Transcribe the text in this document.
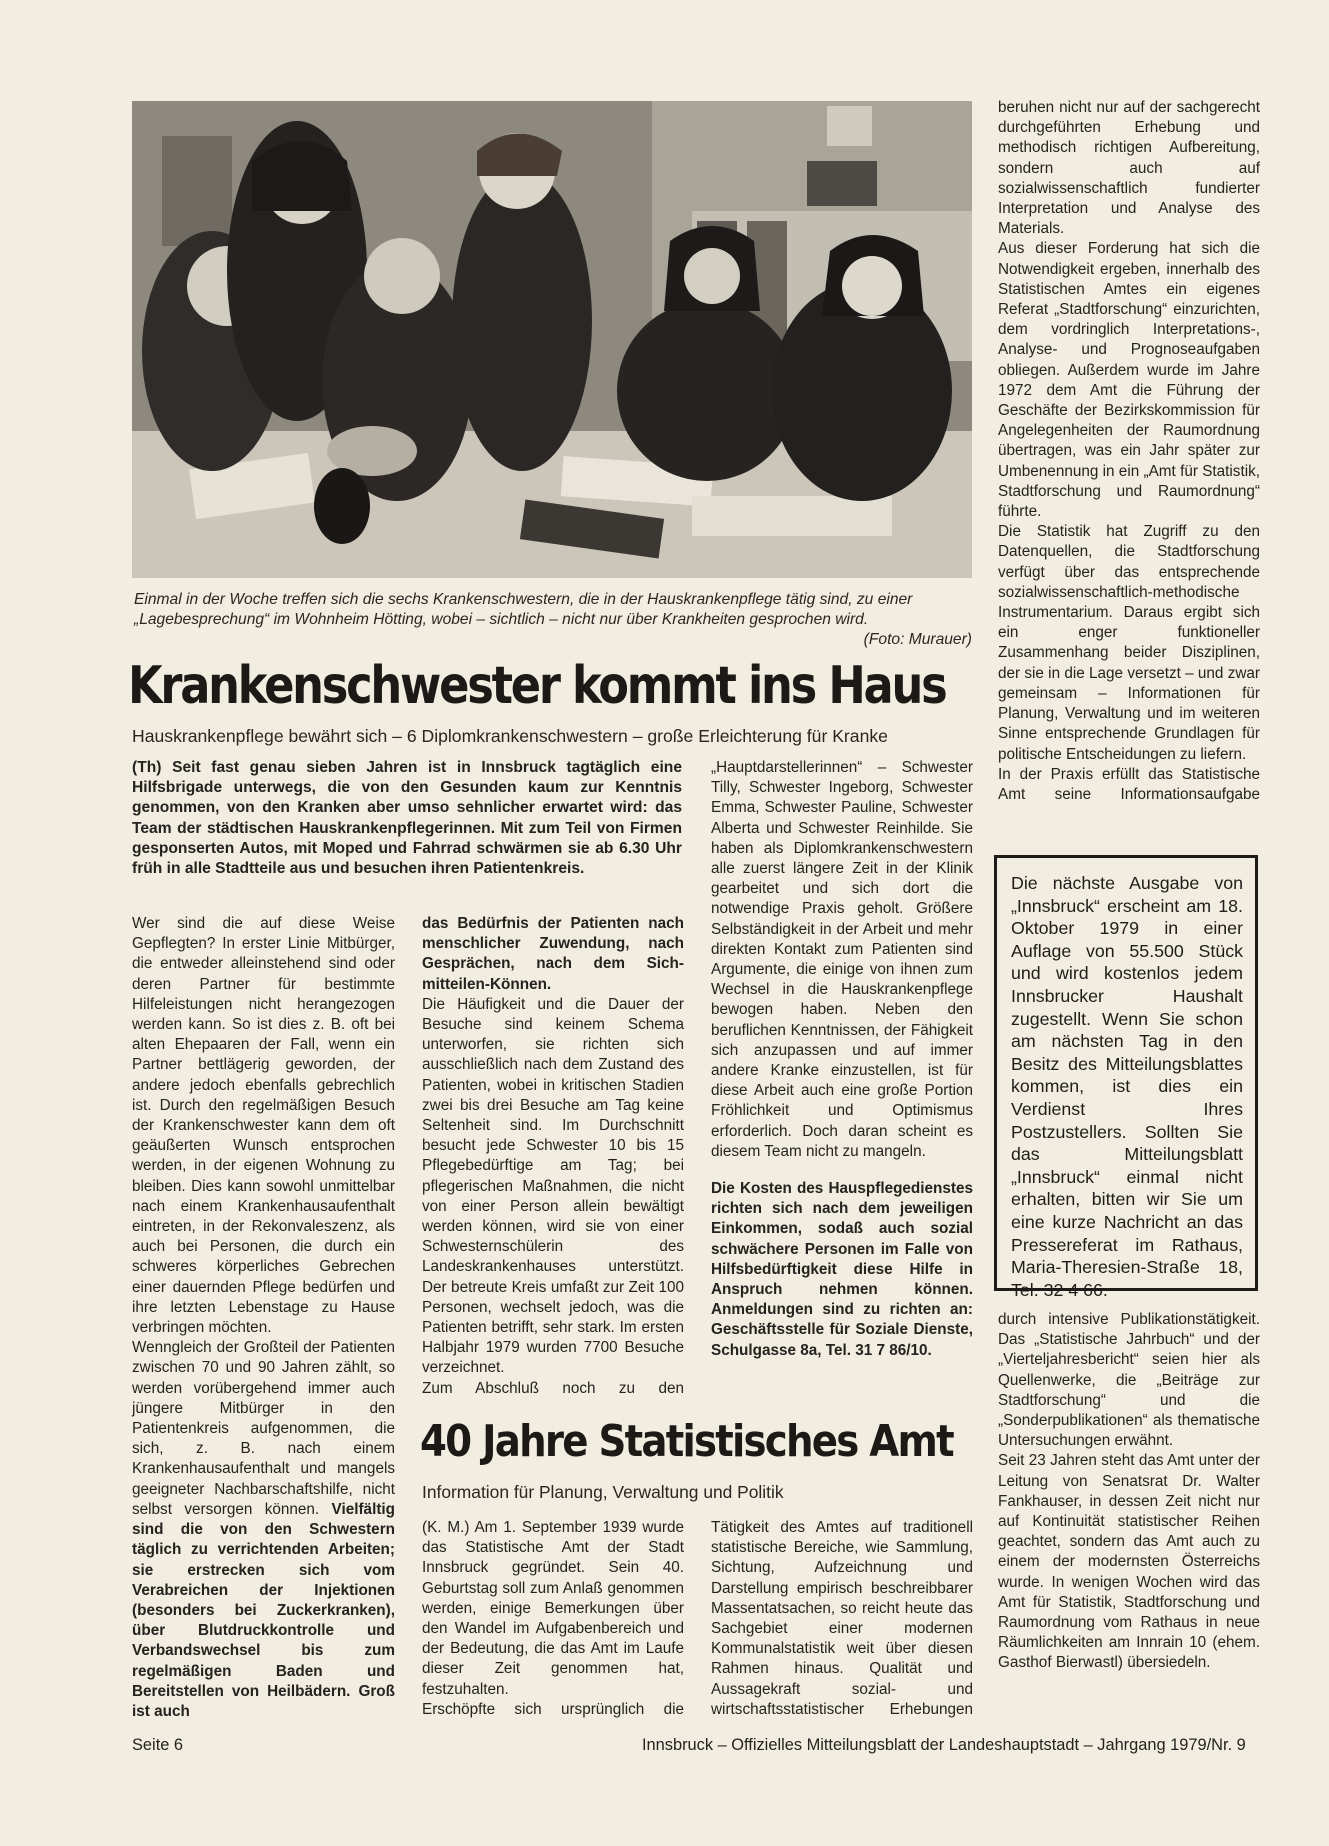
Einmal in der Woche treffen sich die sechs Krankenschwestern, die in der Hauskrankenpflege tätig sind, zu einer „Lagebesprechung“ im Wohnheim Hötting, wobei – sichtlich – nicht nur über Krankheiten gesprochen wird.
(Foto: Murauer)
Krankenschwester kommt ins Haus
Hauskrankenpflege bewährt sich – 6 Diplomkrankenschwestern – große Erleichterung für Kranke
(Th) Seit fast genau sieben Jahren ist in Innsbruck tagtäglich eine Hilfsbrigade unterwegs, die von den Gesunden kaum zur Kenntnis genommen, von den Kranken aber umso sehnlicher erwartet wird: das Team der städtischen Hauskrankenpflegerinnen. Mit zum Teil von Firmen gesponserten Autos, mit Moped und Fahrrad schwärmen sie ab 6.30 Uhr früh in alle Stadtteile aus und besuchen ihren Patientenkreis.

Wer sind die auf diese Weise Gepflegten? In erster Linie Mitbürger, die entweder alleinstehend sind oder deren Partner für bestimmte Hilfeleistungen nicht herangezogen werden kann. So ist dies z. B. oft bei alten Ehepaaren der Fall, wenn ein Partner bettlägerig geworden, der andere jedoch ebenfalls gebrechlich ist. Durch den regelmäßigen Besuch der Krankenschwester kann dem oft geäußerten Wunsch entsprochen werden, in der eigenen Wohnung zu bleiben. Dies kann sowohl unmittelbar nach einem Krankenhausaufenthalt eintreten, in der Rekonvaleszenz, als auch bei Personen, die durch ein schweres körperliches Gebrechen einer dauernden Pflege bedürfen und ihre letzten Lebenstage zu Hause verbringen möchten.

Wenngleich der Großteil der Patienten zwischen 70 und 90 Jahren zählt, so werden vorübergehend immer auch jüngere Mitbürger in den Patientenkreis aufgenommen, die sich, z. B. nach einem Krankenhausaufenthalt und mangels geeigneter Nachbarschaftshilfe, nicht selbst versorgen können. Vielfältig sind die von den Schwestern täglich zu verrichtenden Arbeiten; sie erstrecken sich vom Verabreichen der Injektionen (besonders bei Zuckerkranken), über Blutdruckkontrolle und Verbandswechsel bis zum regelmäßigen Baden und Bereitstellen von Heilbädern. Groß ist auch

das Bedürfnis der Patienten nach menschlicher Zuwendung, nach Gesprächen, nach dem Sich-mitteilen-Können.

Die Häufigkeit und die Dauer der Besuche sind keinem Schema unterworfen, sie richten sich ausschließlich nach dem Zustand des Patienten, wobei in kritischen Stadien zwei bis drei Besuche am Tag keine Seltenheit sind. Im Durchschnitt besucht jede Schwester 10 bis 15 Pflegebedürftige am Tag; bei pflegerischen Maßnahmen, die nicht von einer Person allein bewältigt werden können, wird sie von einer Schwesternschülerin des Landeskrankenhauses unterstützt. Der betreute Kreis umfaßt zur Zeit 100 Personen, wechselt jedoch, was die Patienten betrifft, sehr stark. Im ersten Halbjahr 1979 wurden 7700 Besuche verzeichnet.

Zum Abschluß noch zu den

„Hauptdarstellerinnen“ – Schwester Tilly, Schwester Ingeborg, Schwester Emma, Schwester Pauline, Schwester Alberta und Schwester Reinhilde. Sie haben als Diplomkrankenschwestern alle zuerst längere Zeit in der Klinik gearbeitet und sich dort die notwendige Praxis geholt. Größere Selbständigkeit in der Arbeit und mehr direkten Kontakt zum Patienten sind Argumente, die einige von ihnen zum Wechsel in die Hauskrankenpflege bewogen haben. Neben den beruflichen Kenntnissen, der Fähigkeit sich anzupassen und auf immer andere Kranke einzustellen, ist für diese Arbeit auch eine große Portion Fröhlichkeit und Optimismus erforderlich. Doch daran scheint es diesem Team nicht zu mangeln.

Die Kosten des Hauspflegedienstes richten sich nach dem jeweiligen Einkommen, sodaß auch sozial schwächere Personen im Falle von Hilfsbedürftigkeit diese Hilfe in Anspruch nehmen können. Anmeldungen sind zu richten an: Geschäftsstelle für Soziale Dienste, Schulgasse 8a, Tel. 31 7 86/10.

40 Jahre Statistisches Amt
Information für Planung, Verwaltung und Politik

(K. M.) Am 1. September 1939 wurde das Statistische Amt der Stadt Innsbruck gegründet. Sein 40. Geburtstag soll zum Anlaß genommen werden, einige Bemerkungen über den Wandel im Aufgabenbereich und der Bedeutung, die das Amt im Laufe dieser Zeit genommen hat, festzuhalten.

Erschöpfte sich ursprünglich die

Tätigkeit des Amtes auf traditionell statistische Bereiche, wie Sammlung, Sichtung, Aufzeichnung und Darstellung empirisch beschreibbarer Massentatsachen, so reicht heute das Sachgebiet einer modernen Kommunalstatistik weit über diesen Rahmen hinaus. Qualität und Aussagekraft sozial- und wirtschaftsstatistischer Erhebungen

beruhen nicht nur auf der sachgerecht durchgeführten Erhebung und methodisch richtigen Aufbereitung, sondern auch auf sozialwissenschaftlich fundierter Interpretation und Analyse des Materials.

Aus dieser Forderung hat sich die Notwendigkeit ergeben, innerhalb des Statistischen Amtes ein eigenes Referat „Stadtforschung“ einzurichten, dem vordringlich Interpretations-, Analyse- und Prognoseaufgaben obliegen. Außerdem wurde im Jahre 1972 dem Amt die Führung der Geschäfte der Bezirkskommission für Angelegenheiten der Raumordnung übertragen, was ein Jahr später zur Umbenennung in ein „Amt für Statistik, Stadtforschung und Raumordnung“ führte.

Die Statistik hat Zugriff zu den Datenquellen, die Stadtforschung verfügt über das entsprechende sozialwissenschaftlich-methodische Instrumentarium. Daraus ergibt sich ein enger funktioneller Zusammenhang beider Disziplinen, der sie in die Lage versetzt – und zwar gemeinsam – Informationen für Planung, Verwaltung und im weiteren Sinne entsprechende Grundlagen für politische Entscheidungen zu liefern.

In der Praxis erfüllt das Statistische Amt seine Informationsaufgabe

Die nächste Ausgabe von „Innsbruck“ erscheint am 18. Oktober 1979 in einer Auflage von 55.500 Stück und wird kostenlos jedem Innsbrucker Haushalt zugestellt. Wenn Sie schon am nächsten Tag in den Besitz des Mitteilungsblattes kommen, ist dies ein Verdienst Ihres Postzustellers. Sollten Sie das Mitteilungsblatt „Innsbruck“ einmal nicht erhalten, bitten wir Sie um eine kurze Nachricht an das Pressereferat im Rathaus, Maria-Theresien-Straße 18, Tel. 32 4 66.

durch intensive Publikationstätigkeit. Das „Statistische Jahrbuch“ und der „Vierteljahresbericht“ seien hier als Quellenwerke, die „Beiträge zur Stadtforschung“ und die „Sonderpublikationen“ als thematische Untersuchungen erwähnt.

Seit 23 Jahren steht das Amt unter der Leitung von Senatsrat Dr. Walter Fankhauser, in dessen Zeit nicht nur auf Kontinuität statistischer Reihen geachtet, sondern das Amt auch zu einem der modernsten Österreichs wurde. In wenigen Wochen wird das Amt für Statistik, Stadtforschung und Raumordnung vom Rathaus in neue Räumlichkeiten am Innrain 10 (ehem. Gasthof Bierwastl) übersiedeln.

Seite 6	Innsbruck – Offizielles Mitteilungsblatt der Landeshauptstadt – Jahrgang 1979/Nr. 9
